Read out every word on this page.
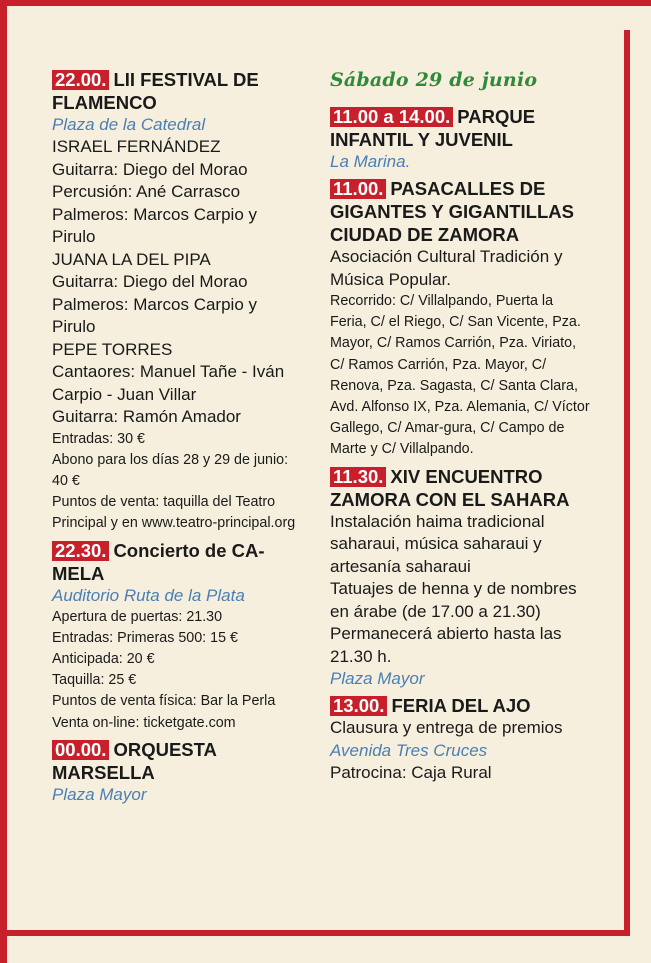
22.00. LII FESTIVAL DE FLAMENCO
Plaza de la Catedral
ISRAEL FERNÁNDEZ
Guitarra: Diego del Morao
Percusión: Ané Carrasco
Palmeros: Marcos Carpio y Pirulo
JUANA LA DEL PIPA
Guitarra: Diego del Morao
Palmeros: Marcos Carpio y Pirulo
PEPE TORRES
Cantaores: Manuel Tañe - Iván Carpio - Juan Villar
Guitarra: Ramón Amador
Entradas: 30 €
Abono para los días 28 y 29 de junio: 40 €
Puntos de venta: taquilla del Teatro Principal y en www.teatro-principal.org
22.30. Concierto de CA-MELA
Auditorio Ruta de la Plata
Apertura de puertas: 21.30
Entradas: Primeras 500: 15 €
Anticipada: 20 €
Taquilla: 25 €
Puntos de venta física: Bar la Perla
Venta on-line: ticketgate.com
00.00. ORQUESTA MARSELLA
Plaza Mayor
Sábado 29 de junio
11.00 a 14.00. PARQUE INFANTIL Y JUVENIL
La Marina.
11.00. PASACALLES DE GIGANTES Y GIGANTILLAS CIUDAD DE ZAMORA
Asociación Cultural Tradición y Música Popular.
Recorrido: C/ Villalpando, Puerta la Feria, C/ el Riego, C/ San Vicente, Pza. Mayor, C/ Ramos Carrión, Pza. Viriato, C/ Ramos Carrión, Pza. Mayor, C/ Renova, Pza. Sagasta, C/ Santa Clara, Avd. Alfonso IX, Pza. Alemania, C/ Víctor Gallego, C/ Amar-gura, C/ Campo de Marte y C/ Villalpando.
11.30. XIV ENCUENTRO ZAMORA CON EL SAHARA
Instalación haima tradicional saharaui, música saharaui y artesanía saharaui
Tatuajes de henna y de nombres en árabe (de 17.00 a 21.30)
Permanecerá abierto hasta las 21.30 h.
Plaza Mayor
13.00. FERIA DEL AJO
Clausura y entrega de premios
Avenida Tres Cruces
Patrocina: Caja Rural
